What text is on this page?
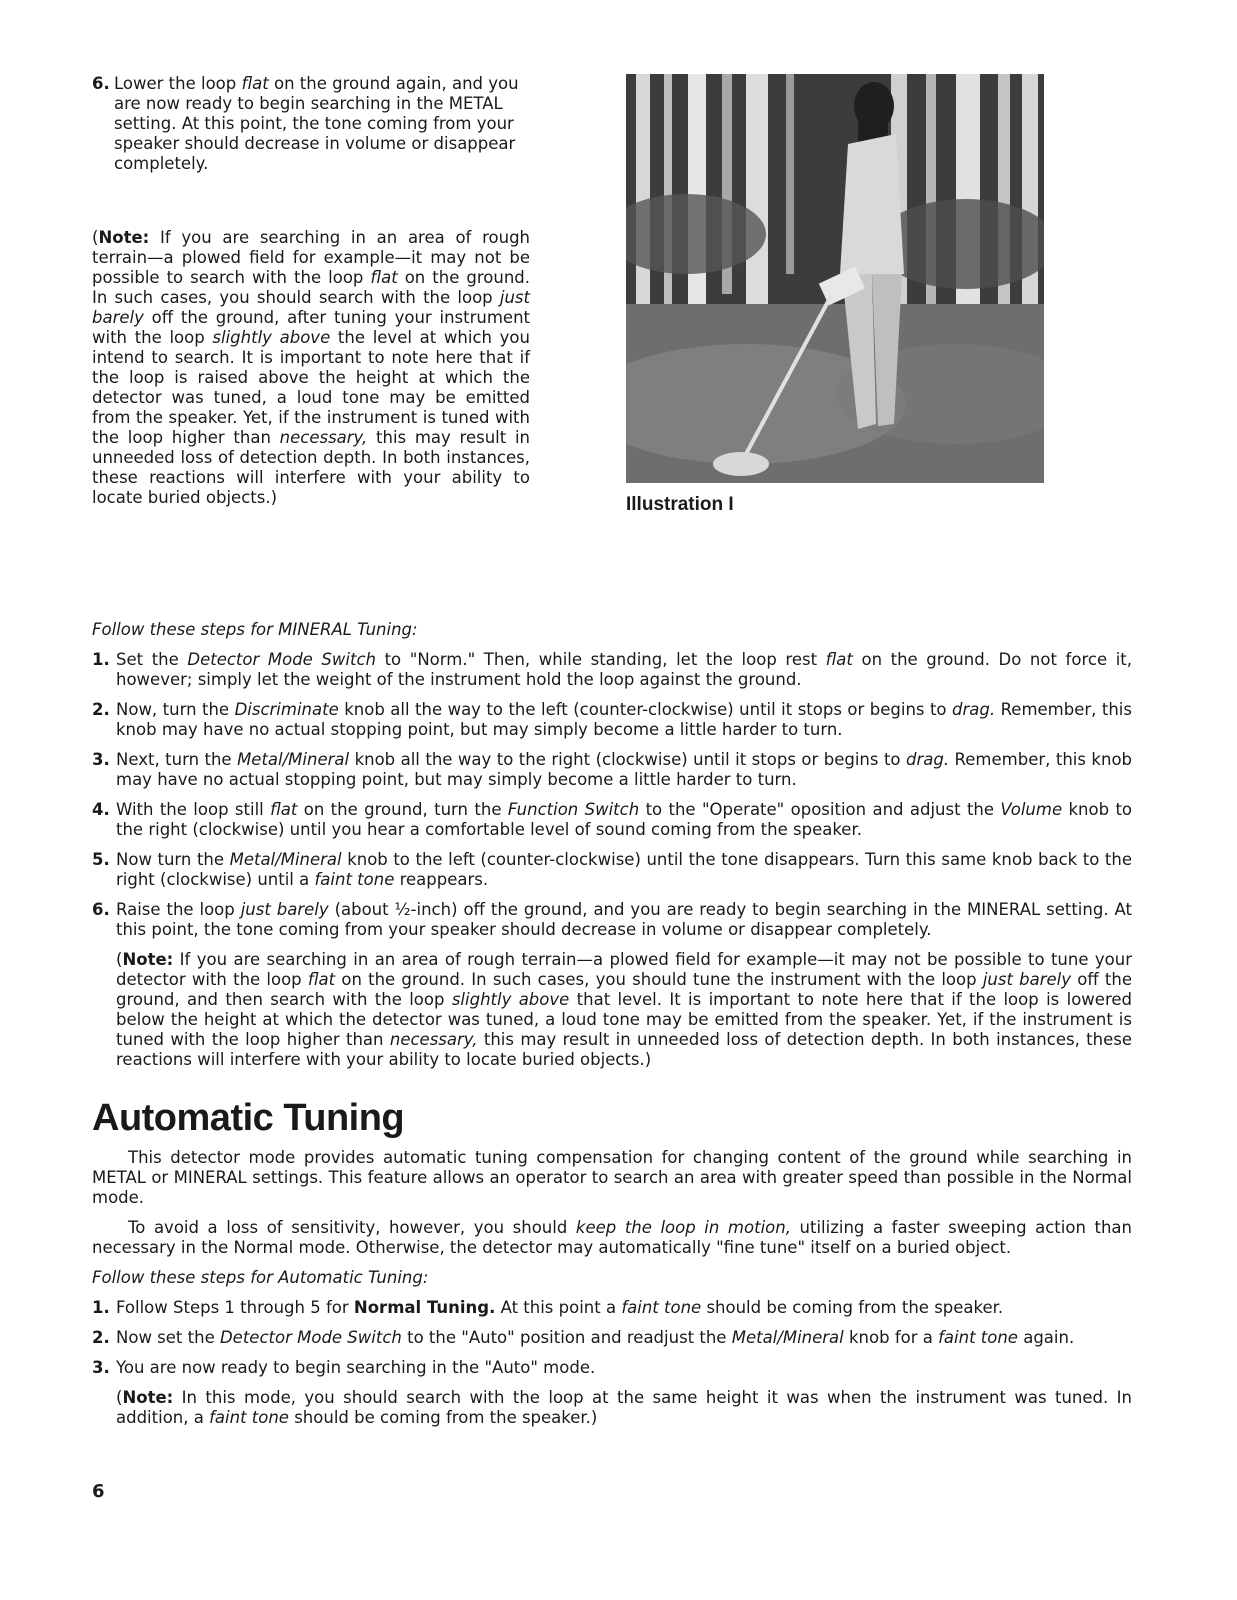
6. Lower the loop flat on the ground again, and you are now ready to begin searching in the METAL setting. At this point, the tone coming from your speaker should decrease in volume or disappear completely.
(Note: If you are searching in an area of rough terrain—a plowed field for example—it may not be possible to search with the loop flat on the ground. In such cases, you should search with the loop just barely off the ground, after tuning your instrument with the loop slightly above the level at which you intend to search. It is important to note here that if the loop is raised above the height at which the detector was tuned, a loud tone may be emitted from the speaker. Yet, if the instrument is tuned with the loop higher than necessary, this may result in unneeded loss of detection depth. In both instances, these reactions will interfere with your ability to locate buried objects.)	Illustration I
Follow these steps for MINERAL Tuning:
1. Set the Detector Mode Switch to "Norm." Then, while standing, let the loop rest flat on the ground. Do not force it, however; simply let the weight of the instrument hold the loop against the ground.
2. Now, turn the Discriminate knob all the way to the left (counter-clockwise) until it stops or begins to drag. Remember, this knob may have no actual stopping point, but may simply become a little harder to turn.
3. Next, turn the Metal/Mineral knob all the way to the right (clockwise) until it stops or begins to drag. Remember, this knob may have no actual stopping point, but may simply become a little harder to turn.
4. With the loop still flat on the ground, turn the Function Switch to the "Operate" oposition and adjust the Volume knob to the right (clockwise) until you hear a comfortable level of sound coming from the speaker.
5. Now turn the Metal/Mineral knob to the left (counter-clockwise) until the tone disappears. Turn this same knob back to the right (clockwise) until a faint tone reappears.
6. Raise the loop just barely (about ½-inch) off the ground, and you are ready to begin searching in the MINERAL setting. At this point, the tone coming from your speaker should decrease in volume or disappear completely.
(Note: If you are searching in an area of rough terrain—a plowed field for example—it may not be possible to tune your detector with the loop flat on the ground. In such cases, you should tune the instrument with the loop just barely off the ground, and then search with the loop slightly above that level. It is important to note here that if the loop is lowered below the height at which the detector was tuned, a loud tone may be emitted from the speaker. Yet, if the instrument is tuned with the loop higher than necessary, this may result in unneeded loss of detection depth. In both instances, these reactions will interfere with your ability to locate buried objects.)
Automatic Tuning

This detector mode provides automatic tuning compensation for changing content of the ground while searching in METAL or MINERAL settings. This feature allows an operator to search an area with greater speed than possible in the Normal mode.

To avoid a loss of sensitivity, however, you should keep the loop in motion, utilizing a faster sweeping action than necessary in the Normal mode. Otherwise, the detector may automatically "fine tune" itself on a buried object.

Follow these steps for Automatic Tuning:
1. Follow Steps 1 through 5 for Normal Tuning. At this point a faint tone should be coming from the speaker.
2. Now set the Detector Mode Switch to the "Auto" position and readjust the Metal/Mineral knob for a faint tone again.
3. You are now ready to begin searching in the "Auto" mode.
(Note: In this mode, you should search with the loop at the same height it was when the instrument was tuned. In addition, a faint tone should be coming from the speaker.)
6
